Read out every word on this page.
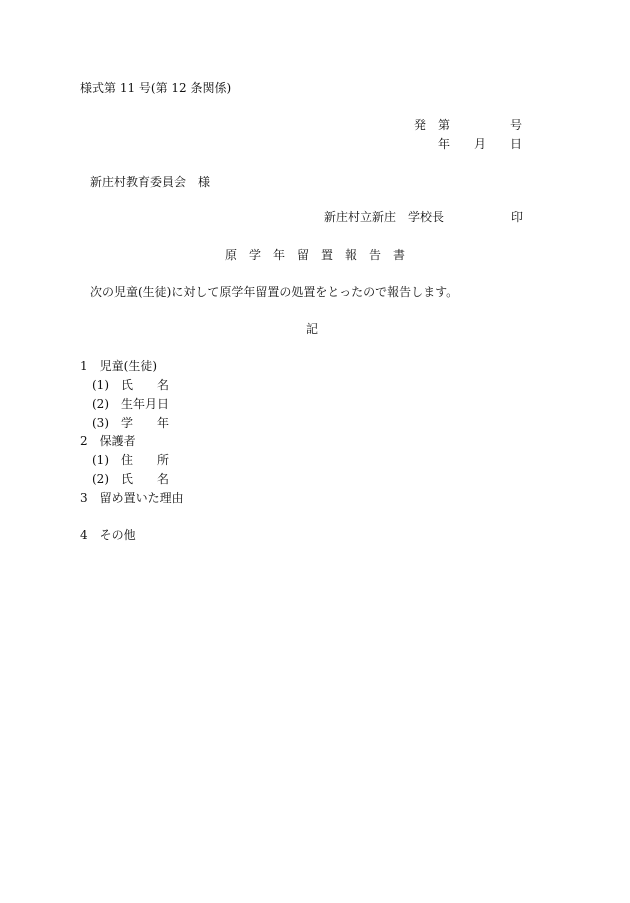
様式第 11 号(第 12 条関係)

発　第　　　　　号

年　　月　　日

新庄村教育委員会　様

新庄村立新庄　学校長	印

原　学　年　留　置　報　告　書

次の児童(生徒)に対して原学年留置の処置をとったので報告します。

記

1　児童(生徒)

(1)　氏　　名

(2)　生年月日

(3)　学　　年

2　保護者

(1)　住　　所

(2)　氏　　名

3　留め置いた理由

4　その他
